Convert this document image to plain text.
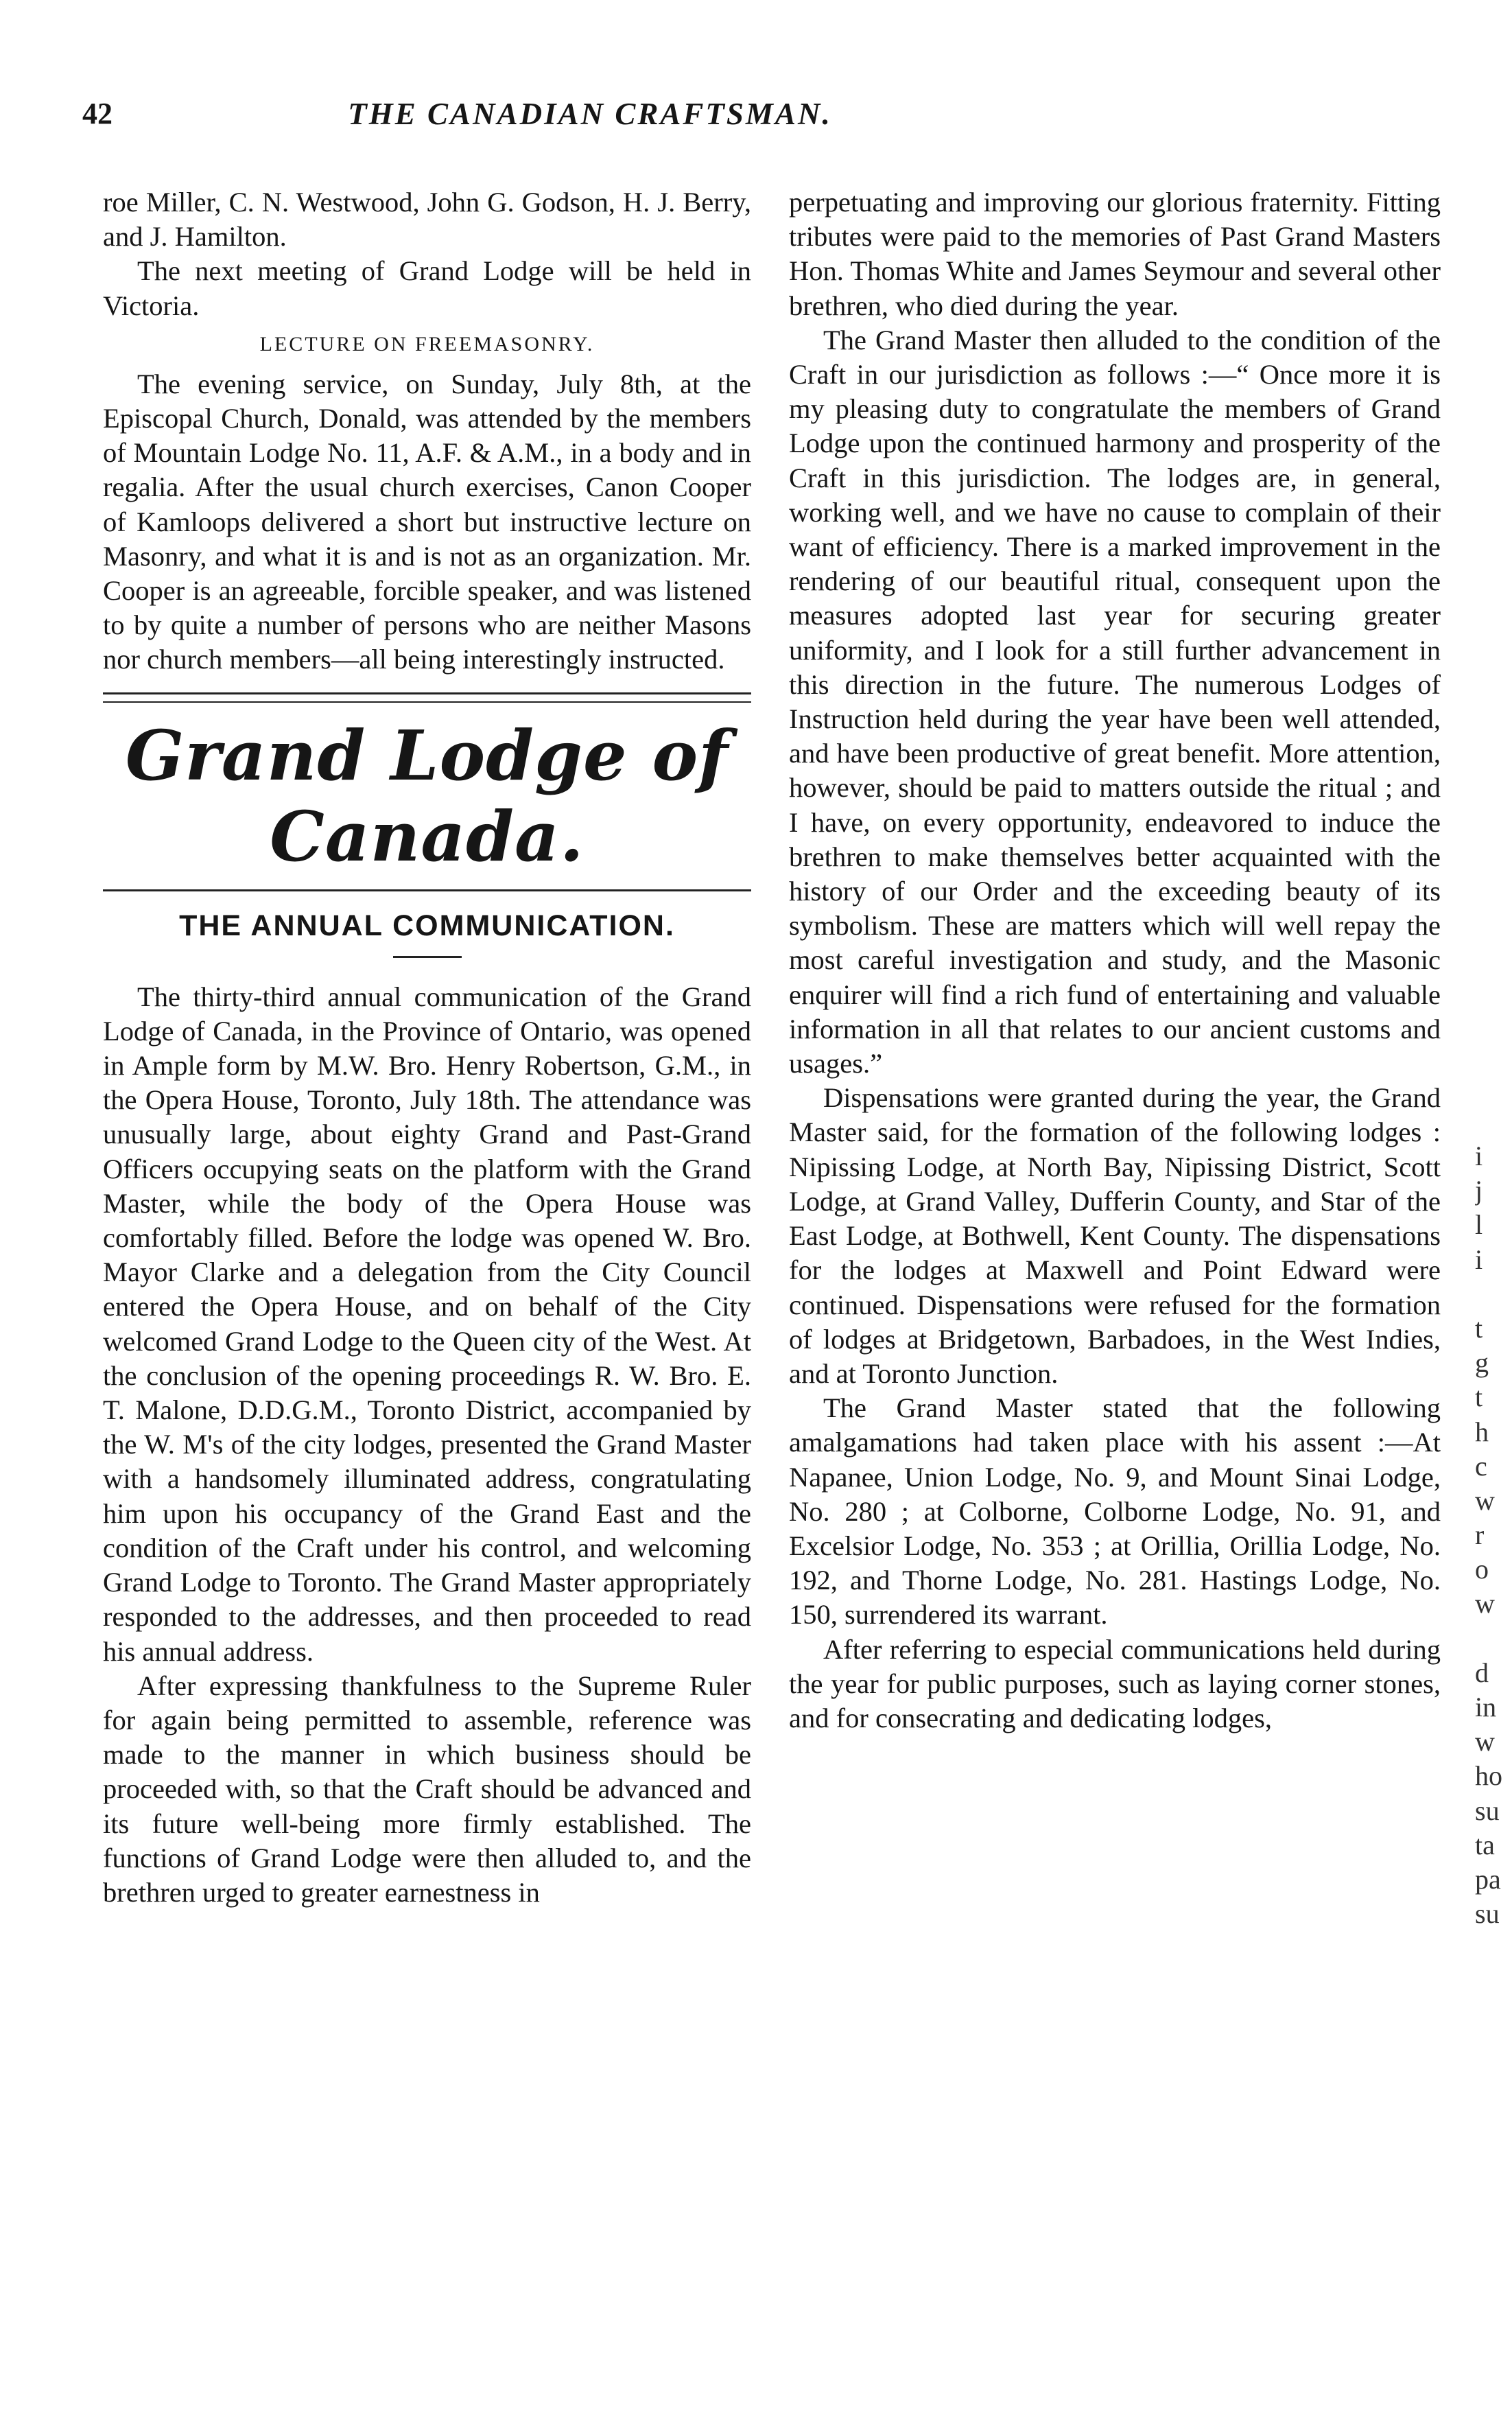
42	THE CANADIAN CRAFTSMAN.

roe Miller, C. N. Westwood, John G. Godson, H. J. Berry, and J. Hamilton.

The next meeting of Grand Lodge will be held in Victoria.

LECTURE ON FREEMASONRY.

The evening service, on Sunday, July 8th, at the Episcopal Church, Donald, was attended by the members of Mountain Lodge No. 11, A.F. & A.M., in a body and in regalia. After the usual church exercises, Canon Cooper of Kamloops delivered a short but instructive lecture on Masonry, and what it is and is not as an organization. Mr. Cooper is an agreeable, forcible speaker, and was listened to by quite a number of persons who are neither Masons nor church members—all being interestingly instructed.

Grand Lodge of Canada.
THE ANNUAL COMMUNICATION.

The thirty-third annual communication of the Grand Lodge of Canada, in the Province of Ontario, was opened in Ample form by M.W. Bro. Henry Robertson, G.M., in the Opera House, Toronto, July 18th. The attendance was unusually large, about eighty Grand and Past-Grand Officers occupying seats on the platform with the Grand Master, while the body of the Opera House was comfortably filled. Before the lodge was opened W. Bro. Mayor Clarke and a delegation from the City Council entered the Opera House, and on behalf of the City welcomed Grand Lodge to the Queen city of the West. At the conclusion of the opening proceedings R. W. Bro. E. T. Malone, D.D.G.M., Toronto District, accompanied by the W. M's of the city lodges, presented the Grand Master with a handsomely illuminated address, congratulating him upon his occupancy of the Grand East and the condition of the Craft under his control, and welcoming Grand Lodge to Toronto. The Grand Master appropriately responded to the addresses, and then proceeded to read his annual address.

After expressing thankfulness to the Supreme Ruler for again being permitted to assemble, reference was made to the manner in which business should be proceeded with, so that the Craft should be advanced and its future well-being more firmly established. The functions of Grand Lodge were then alluded to, and the brethren urged to greater earnestness in

perpetuating and improving our glorious fraternity. Fitting tributes were paid to the memories of Past Grand Masters Hon. Thomas White and James Seymour and several other brethren, who died during the year.

The Grand Master then alluded to the condition of the Craft in our jurisdiction as follows :—“ Once more it is my pleasing duty to congratulate the members of Grand Lodge upon the continued harmony and prosperity of the Craft in this jurisdiction. The lodges are, in general, working well, and we have no cause to complain of their want of efficiency. There is a marked improvement in the rendering of our beautiful ritual, consequent upon the measures adopted last year for securing greater uniformity, and I look for a still further advancement in this direction in the future. The numerous Lodges of Instruction held during the year have been well attended, and have been productive of great benefit. More attention, however, should be paid to matters outside the ritual ; and I have, on every opportunity, endeavored to induce the brethren to make themselves better acquainted with the history of our Order and the exceeding beauty of its symbolism. These are matters which will well repay the most careful investigation and study, and the Masonic enquirer will find a rich fund of entertaining and valuable information in all that relates to our ancient customs and usages.”

Dispensations were granted during the year, the Grand Master said, for the formation of the following lodges : Nipissing Lodge, at North Bay, Nipissing District, Scott Lodge, at Grand Valley, Dufferin County, and Star of the East Lodge, at Bothwell, Kent County. The dispensations for the lodges at Maxwell and Point Edward were continued. Dispensations were refused for the formation of lodges at Bridgetown, Barbadoes, in the West Indies, and at Toronto Junction.

The Grand Master stated that the following amalgamations had taken place with his assent :—At Napanee, Union Lodge, No. 9, and Mount Sinai Lodge, No. 280 ; at Colborne, Colborne Lodge, No. 91, and Excelsior Lodge, No. 353 ; at Orillia, Orillia Lodge, No. 192, and Thorne Lodge, No. 281. Hastings Lodge, No. 150, surrendered its warrant.

After referring to especial communications held during the year for public purposes, such as laying corner stones, and for consecrating and dedicating lodges,

i
j
l
i
t
g
t
h
c
w
r
o
w
d
in
w
ho
su
ta
pa
su
